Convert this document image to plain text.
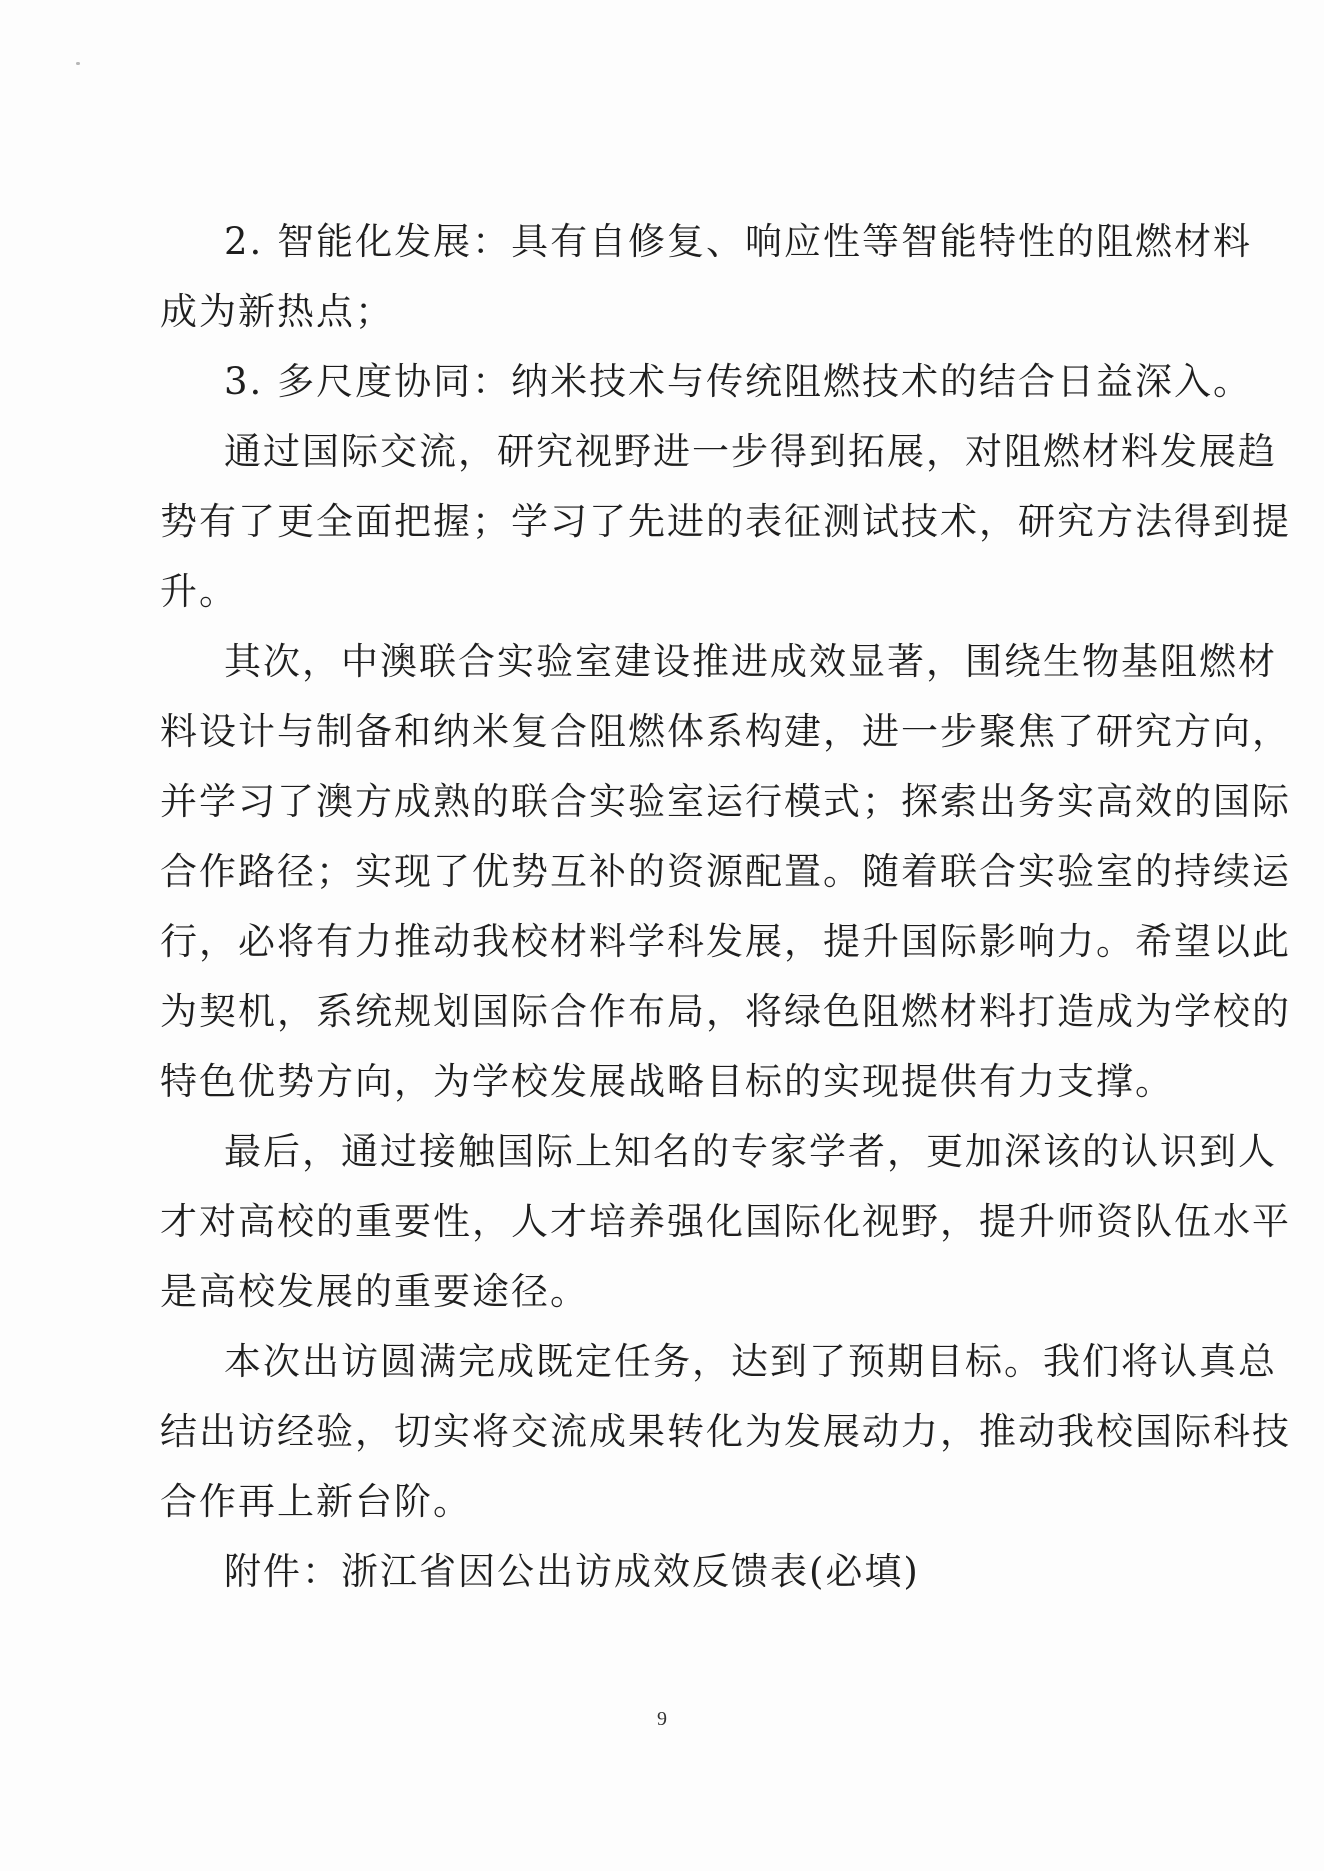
2. 智能化发展：具有自修复、响应性等智能特性的阻燃材料
成为新热点；
3. 多尺度协同：纳米技术与传统阻燃技术的结合日益深入。
通过国际交流，研究视野进一步得到拓展，对阻燃材料发展趋
势有了更全面把握；学习了先进的表征测试技术，研究方法得到提
升。
其次，中澳联合实验室建设推进成效显著，围绕生物基阻燃材
料设计与制备和纳米复合阻燃体系构建，进一步聚焦了研究方向，
并学习了澳方成熟的联合实验室运行模式；探索出务实高效的国际
合作路径；实现了优势互补的资源配置。随着联合实验室的持续运
行，必将有力推动我校材料学科发展，提升国际影响力。希望以此
为契机，系统规划国际合作布局，将绿色阻燃材料打造成为学校的
特色优势方向，为学校发展战略目标的实现提供有力支撑。
最后，通过接触国际上知名的专家学者，更加深该的认识到人
才对高校的重要性，人才培养强化国际化视野，提升师资队伍水平
是高校发展的重要途径。
本次出访圆满完成既定任务，达到了预期目标。我们将认真总
结出访经验，切实将交流成果转化为发展动力，推动我校国际科技
合作再上新台阶。
附件：浙江省因公出访成效反馈表(必填)
9
